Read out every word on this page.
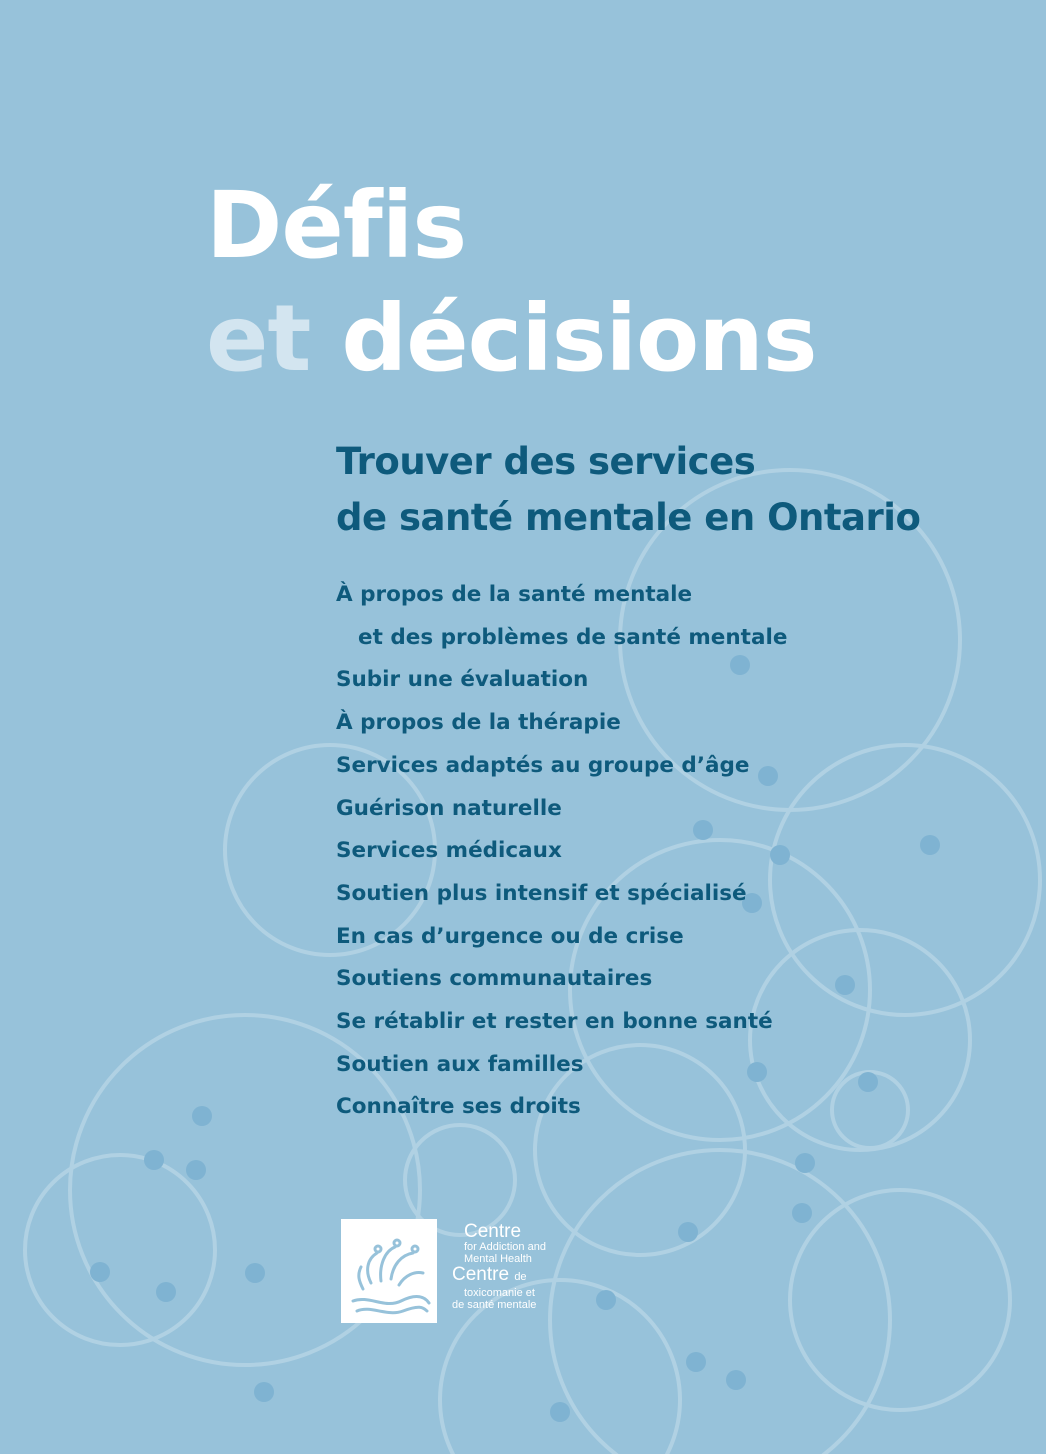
Défis
et décisions
Trouver des services
de santé mentale en Ontario
À propos de la santé mentale
et des problèmes de santé mentale
Subir une évaluation
À propos de la thérapie
Services adaptés au groupe d’âge
Guérison naturelle
Services médicaux
Soutien plus intensif et spécialisé
En cas d’urgence ou de crise
Soutiens communautaires
Se rétablir et rester en bonne santé
Soutien aux familles
Connaître ses droits
Centre
for Addiction and
Mental Health
Centre de
toxicomanie et
de santé mentale
